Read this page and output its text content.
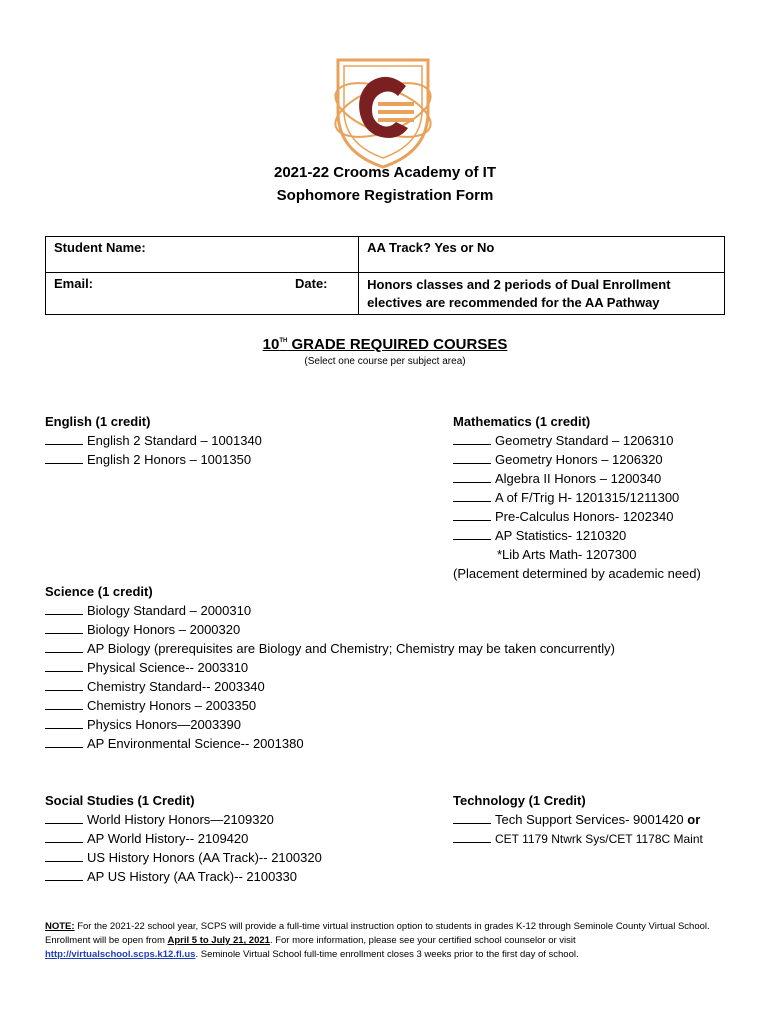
2021-22 Crooms Academy of IT
Sophomore Registration Form
Student Name:		AA Track? Yes or No
Email:	Date:	Honors classes and 2 periods of Dual Enrollment electives are recommended for the AA Pathway
10TH GRADE REQUIRED COURSES
(Select one course per subject area)
English (1 credit)
English 2 Standard – 1001340
English 2 Honors – 1001350
Mathematics (1 credit)
Geometry Standard – 1206310
Geometry Honors – 1206320
Algebra II Honors – 1200340
A of F/Trig H- 1201315/1211300
Pre-Calculus Honors- 1202340
AP Statistics- 1210320
*Lib Arts Math- 1207300
(Placement determined by academic need)
Science (1 credit)
Biology Standard – 2000310
Biology Honors – 2000320
AP Biology (prerequisites are Biology and Chemistry; Chemistry may be taken concurrently)
Physical Science-- 2003310
Chemistry Standard-- 2003340
Chemistry Honors – 2003350
Physics Honors—2003390
AP Environmental Science-- 2001380
Social Studies (1 Credit)
World History Honors—2109320
AP World History-- 2109420
US History Honors (AA Track)-- 2100320
AP US History (AA Track)-- 2100330
Technology (1 Credit)
Tech Support Services- 9001420 or
CET 1179 Ntwrk Sys/CET 1178C Maint
NOTE: For the 2021-22 school year, SCPS will provide a full-time virtual instruction option to students in grades K-12 through Seminole County Virtual School. Enrollment will be open from April 5 to July 21, 2021. For more information, please see your certified school counselor or visit http://virtualschool.scps.k12.fl.us. Seminole Virtual School full-time enrollment closes 3 weeks prior to the first day of school.
